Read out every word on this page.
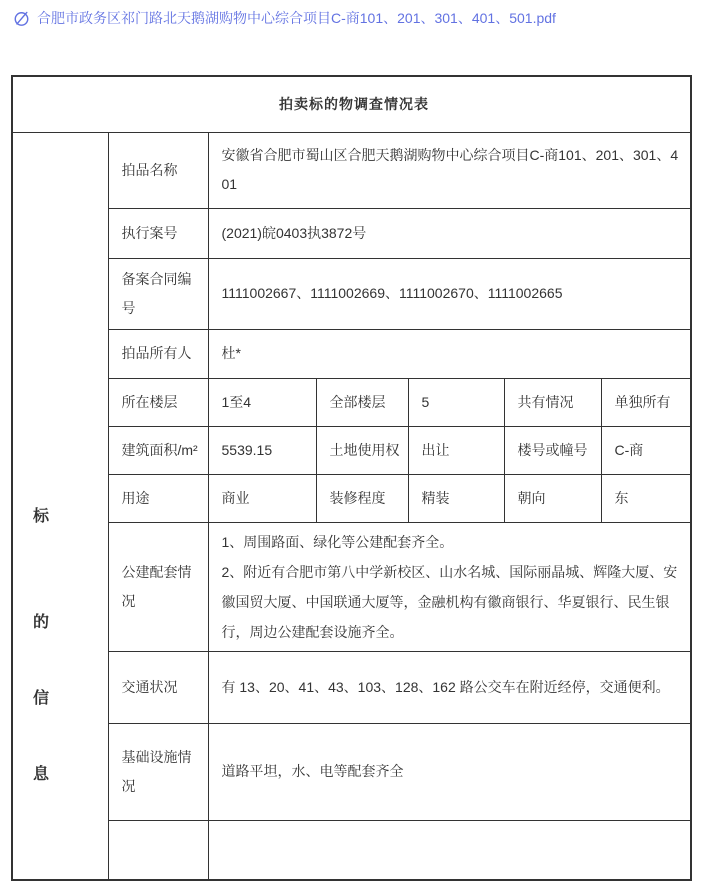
合肥市政务区祁门路北天鹅湖购物中心综合项目C-商101、201、301、401、501.pdf
拍卖标的物调查情况表						

标
的
信
息	拍品名称	安徽省合肥市蜀山区合肥天鹅湖购物中心综合项目C-商101、201、301、401				
	执行案号	(2021)皖0403执3872号				
	备案合同编号	1111002667、1111002669、1111002670、1111002665				
	拍品所有人	杜*				
	所在楼层	1至4	全部楼层	5	共有情况	单独所有
	建筑面积/m²	5539.15	土地使用权	出让	楼号或幢号	C-商
	用途	商业	装修程度	精装	朝向	东
	公建配套情况	1、周围路面、绿化等公建配套齐全。
2、附近有合肥市第八中学新校区、山水名城、国际丽晶城、辉隆大厦、安徽国贸大厦、中国联通大厦等，金融机构有徽商银行、华夏银行、民生银行，周边公建配套设施齐全。				

	交通状况	有 13、20、41、43、103、128、162 路公交车在附近经停，交通便利。				
	基础设施情况	道路平坦，水、电等配套齐全				
